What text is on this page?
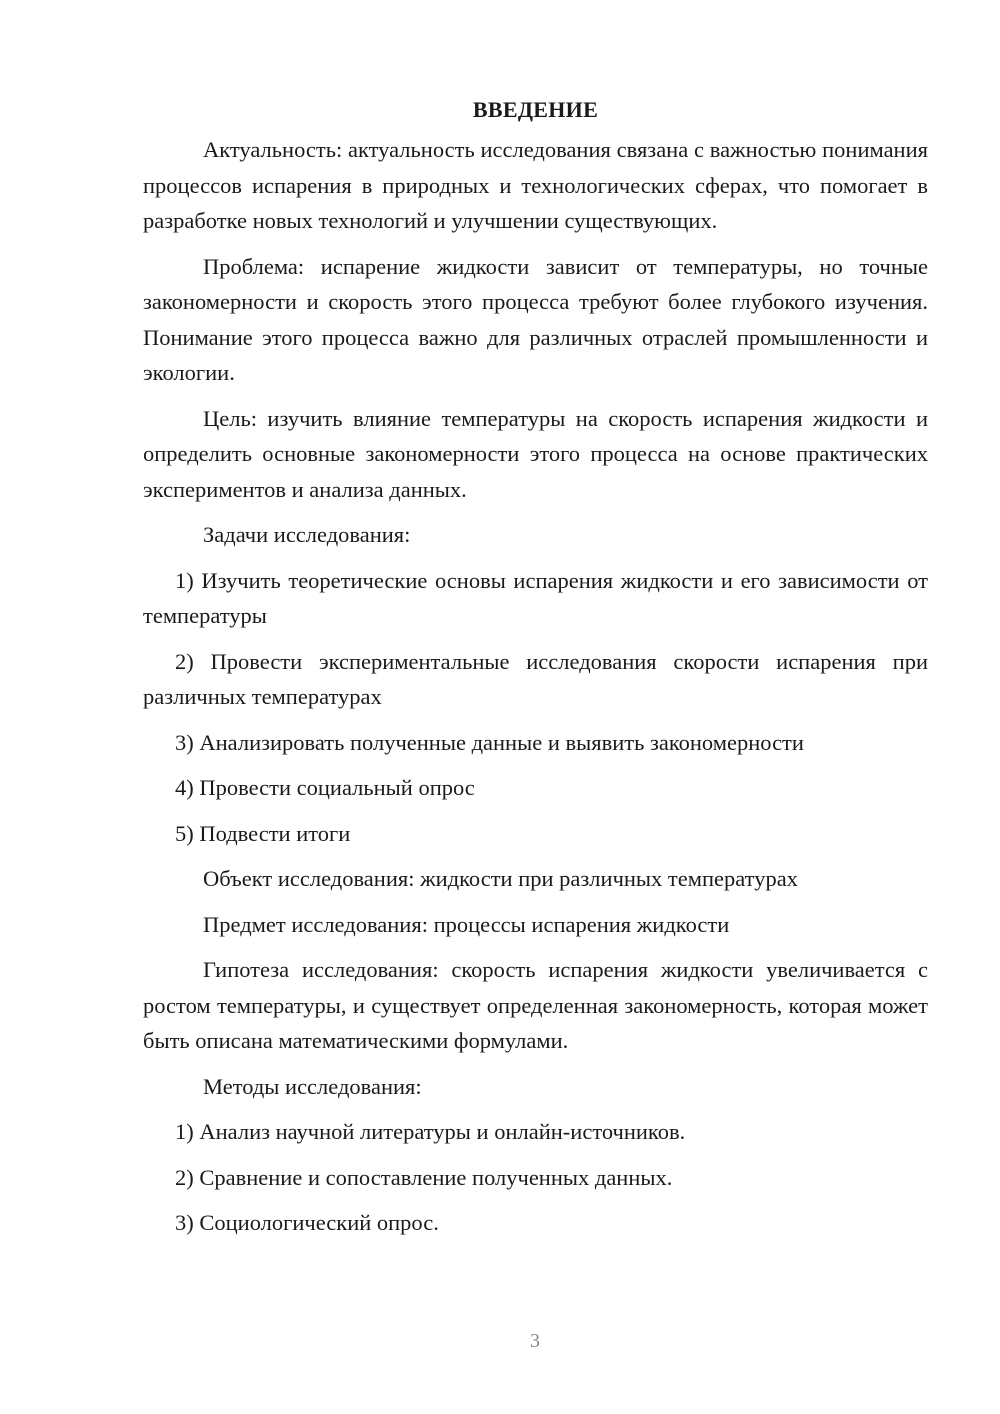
ВВЕДЕНИЕ

Актуальность: актуальность исследования связана с важностью понимания процессов испарения в природных и технологических сферах, что помогает в разработке новых технологий и улучшении существующих.

Проблема: испарение жидкости зависит от температуры, но точные закономерности и скорость этого процесса требуют более глубокого изучения. Понимание этого процесса важно для различных отраслей промышленности и экологии.

Цель: изучить влияние температуры на скорость испарения жидкости и определить основные закономерности этого процесса на основе практических экспериментов и анализа данных.

Задачи исследования:

1) Изучить теоретические основы испарения жидкости и его зависимости от температуры

2) Провести экспериментальные исследования скорости испарения при различных температурах

3) Анализировать полученные данные и выявить закономерности

4) Провести социальный опрос

5) Подвести итоги

Объект исследования: жидкости при различных температурах

Предмет исследования: процессы испарения жидкости

Гипотеза исследования: скорость испарения жидкости увеличивается с ростом температуры, и существует определенная закономерность, которая может быть описана математическими формулами.

Методы исследования:

1) Анализ научной литературы и онлайн-источников.

2) Сравнение и сопоставление полученных данных.

3) Социологический опрос.

3
